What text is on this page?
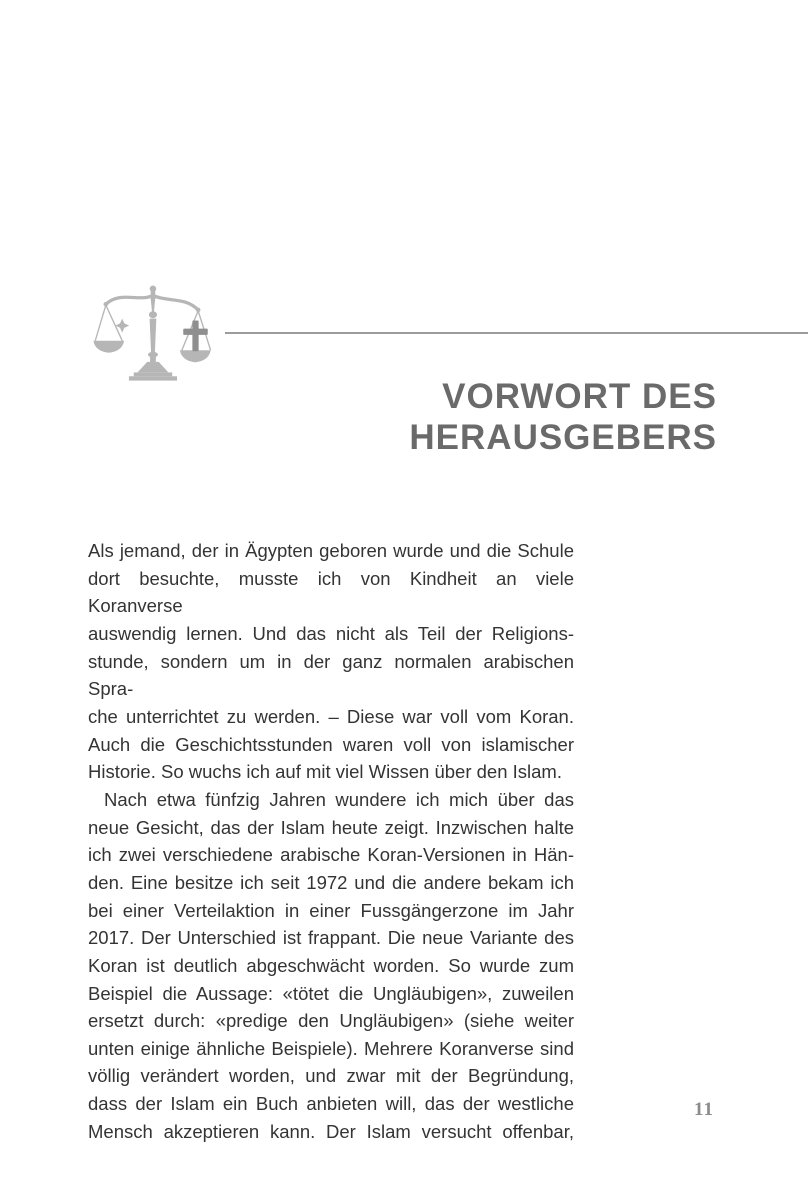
VORWORT DES
HERAUSGEBERS
Als jemand, der in Ägypten geboren wurde und die Schule
dort besuchte, musste ich von Kindheit an viele Koranverse
auswendig lernen. Und das nicht als Teil der Religions-
stunde, sondern um in der ganz normalen arabischen Spra-
che unterrichtet zu werden. – Diese war voll vom Koran.
Auch die Geschichtsstunden waren voll von islamischer
Historie. So wuchs ich auf mit viel Wissen über den Islam.
Nach etwa fünfzig Jahren wundere ich mich über das
neue Gesicht, das der Islam heute zeigt. Inzwischen halte
ich zwei verschiedene arabische Koran-Versionen in Hän-
den. Eine besitze ich seit 1972 und die andere bekam ich
bei einer Verteilaktion in einer Fussgängerzone im Jahr
2017. Der Unterschied ist frappant. Die neue Variante des
Koran ist deutlich abgeschwächt worden. So wurde zum
Beispiel die Aussage: «tötet die Ungläubigen», zuweilen
ersetzt durch: «predige den Ungläubigen» (siehe weiter
unten einige ähnliche Beispiele). Mehrere Koranverse sind
völlig verändert worden, und zwar mit der Begründung,
dass der Islam ein Buch anbieten will, das der westliche
Mensch akzeptieren kann. Der Islam versucht offenbar,
11
